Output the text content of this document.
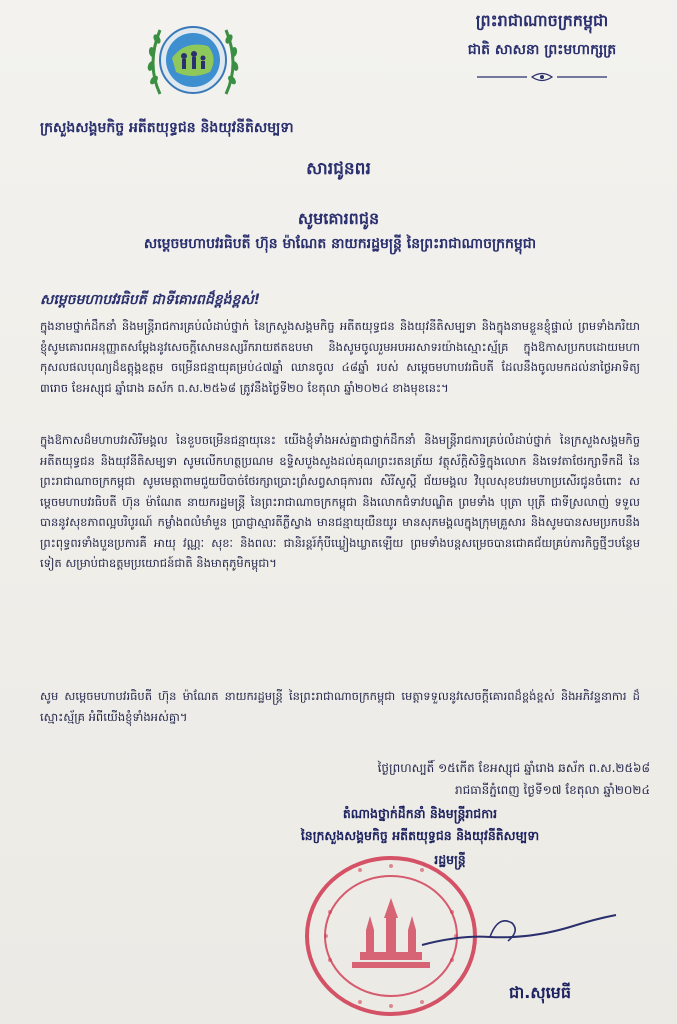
ព្រះរាជាណាចក្រកម្ពុជា
ជាតិ សាសនា ព្រះមហាក្សត្រ
ក្រសួងសង្គមកិច្ច អតីតយុទ្ធជន និងយុវនីតិសម្បទា
សារជូនពរ
សូមគោរពជូន
សម្តេចមហាបវរធិបតី ហ៊ុន ម៉ាណែត នាយករដ្ឋមន្ត្រី នៃព្រះរាជាណាចក្រកម្ពុជា
សម្តេចមហាបវរធិបតី ជាទីគោរពដ៏ខ្ពង់ខ្ពស់!
ក្នុងនាមថ្នាក់ដឹកនាំ និងមន្ត្រីរាជការគ្រប់លំដាប់ថ្នាក់ នៃក្រសួងសង្គមកិច្ច អតីតយុទ្ធជន និងយុវនីតិសម្បទា និងក្នុងនាមខ្លួនខ្ញុំផ្ទាល់ ព្រមទាំងភរិយា ខ្ញុំសូមគោរពអនុញ្ញាតសម្តែងនូវសេចក្តីសោមនស្សរីករាយឥតឧបមា និងសូមចូលរួមអបអរសាទរយ៉ាងស្មោះស្ម័គ្រ ក្នុងឱកាសប្រកបដោយមហាកុសលផលបុណ្យដ៏ឧត្តុង្គឧត្តម ចម្រើនជន្មាយុគម្រប់៤៧ឆ្នាំ ឈានចូល ៤៨ឆ្នាំ របស់ សម្តេចមហាបវរធិបតី ដែលនឹងចូលមកដល់នាថ្ងៃអាទិត្យ ៣រោច ខែអស្សុជ ឆ្នាំរោង ឆស័ក ព.ស.២៥៦៨ ត្រូវនឹងថ្ងៃទី២០ ខែតុលា ឆ្នាំ២០២៤ ខាងមុខនេះ។
ក្នុងឱកាសដ៏មហាបវរសិរីមង្គល នៃខួបចម្រើនជន្មាយុនេះ យើងខ្ញុំទាំងអស់គ្នាជាថ្នាក់ដឹកនាំ និងមន្ត្រីរាជការគ្រប់លំដាប់ថ្នាក់ នៃក្រសួងសង្គមកិច្ច អតីតយុទ្ធជន និងយុវនីតិសម្បទា សូមលើកហត្ថប្រណម ឧទ្ទិសបួងសួងដល់គុណព្រះរតនត្រ័យ វត្ថុស័ក្តិសិទ្ធិក្នុងលោក និងទេវតាថែរក្សាទឹកដី នៃព្រះរាជាណាចក្រកម្ពុជា សូមមេត្តាពាមជួយបីបាច់ថែរក្សាប្រោះព្រំសព្វសាធុការពរ សិរីសួស្តី ជ័យមង្គល វិបុលសុខបវរមហាប្រសើរជូនចំពោះ សម្តេចមហាបវរធិបតី ហ៊ុន ម៉ាណែត នាយករដ្ឋមន្ត្រី នៃព្រះរាជាណាចក្រកម្ពុជា និងលោកជំទាវបណ្ឌិត ព្រមទាំង បុត្រា បុត្រី ជាទីស្រលាញ់ ទទួលបាននូវសុខភាពល្អបរិបូរណ៍ កម្លាំងពលំមាំមួន ប្រាជ្ញាស្មារតីភ្លឺស្វាង មានជន្មាយុយឺនយូរ មានសុភមង្គលក្នុងក្រុមគ្រួសារ និងសូមបានសមប្រកបនឹងព្រះពុទ្ធពរទាំងបួនប្រការគឺ អាយុ វណ្ណៈ សុខៈ និងពលៈ ជានិរន្តរ៍កុំបីឃ្លៀងឃ្លាតឡើយ ព្រមទាំងបន្តសម្រេចបានជោគជ័យគ្រប់ភារកិច្ចថ្មីៗបន្ថែមទៀត សម្រាប់ជាឧត្តមប្រយោជន៍ជាតិ និងមាតុភូមិកម្ពុជា។
សូម សម្តេចមហាបវរធិបតី ហ៊ុន ម៉ាណែត នាយករដ្ឋមន្ត្រី នៃព្រះរាជាណាចក្រកម្ពុជា មេត្តាទទួលនូវសេចក្តីគោរពដ៏ខ្ពង់ខ្ពស់ និងអភិវន្ទនាការ ដ៏ស្មោះស្ម័គ្រ អំពីយើងខ្ញុំទាំងអស់គ្នា។
ថ្ងៃព្រហស្បតិ៍ ១៥កើត ខែអស្សុជ ឆ្នាំរោង ឆស័ក ព.ស.២៥៦៨
រាជធានីភ្នំពេញ ថ្ងៃទី១៧ ខែតុលា ឆ្នាំ២០២៤
តំណាងថ្នាក់ដឹកនាំ និងមន្ត្រីរាជការ
នៃក្រសួងសង្គមកិច្ច អតីតយុទ្ធជន និងយុវនីតិសម្បទា
រដ្ឋមន្ត្រី
ជា.សុមេធី
